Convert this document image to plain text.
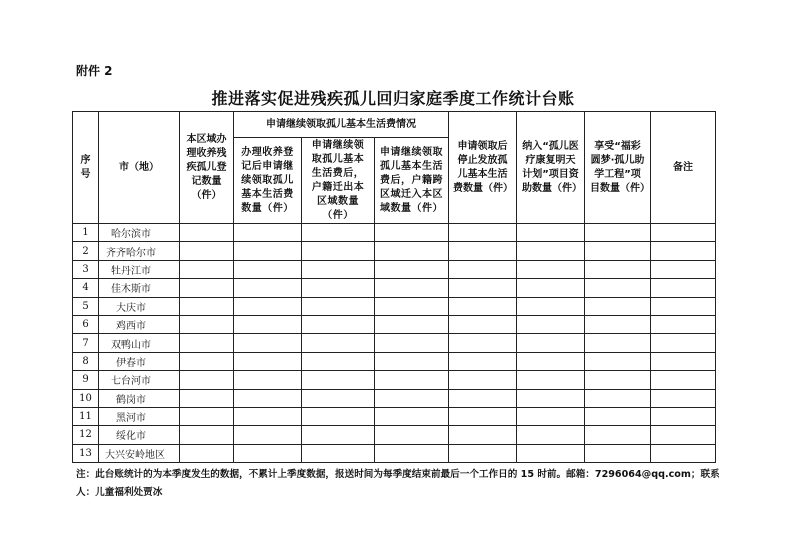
附件 2
推进落实促进残疾孤儿回归家庭季度工作统计台账
序号	市（地）	本区域办理收养残疾孤儿登记数量（件）	申请继续领取孤儿基本生活费情况			申请领取后停止发放孤儿基本生活费数量（件）	纳入“孤儿医疗康复明天计划”项目资助数量（件）	享受“福彩圆梦·孤儿助学工程”项目数量（件）	备注

			办理收养登记后申请继续领取孤儿基本生活费数量（件）	申请继续领取孤儿基本生活费后，户籍迁出本区域数量（件）	申请继续领取孤儿基本生活费后，户籍跨区域迁入本区域数量（件）				

1	哈尔滨市								
2	齐齐哈尔市								
3	牡丹江市								
4	佳木斯市								
5	大庆市								
6	鸡西市								
7	双鸭山市								
8	伊春市								
9	七台河市								
10	鹤岗市								
11	黑河市								
12	绥化市								
13	大兴安岭地区								
注：此台账统计的为本季度发生的数据，不累计上季度数据，报送时间为每季度结束前最后一个工作日的 15 时前。邮箱：7296064@qq.com；联系人：儿童福利处贾冰
